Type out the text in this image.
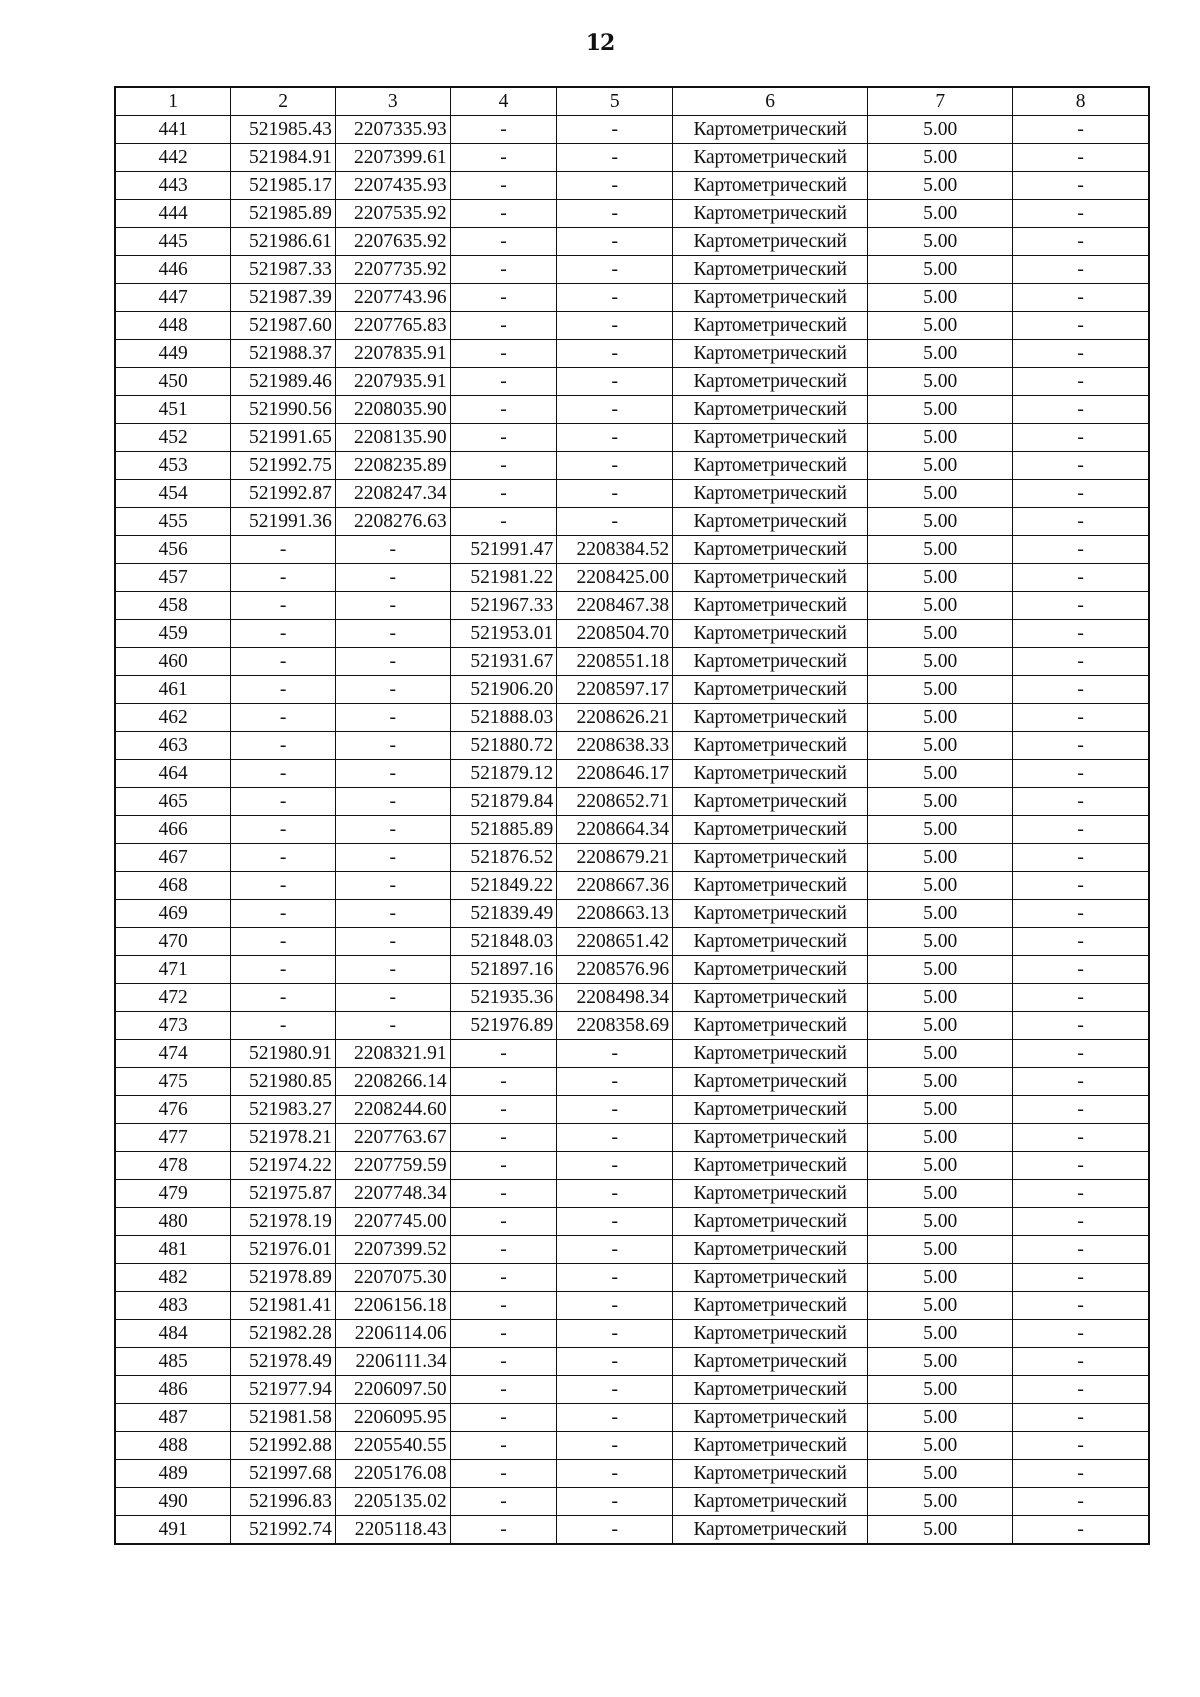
12
1	2	3	4	5	6	7	8
441	521985.43	2207335.93	-	-	Картометрический	5.00	-
442	521984.91	2207399.61	-	-	Картометрический	5.00	-
443	521985.17	2207435.93	-	-	Картометрический	5.00	-
444	521985.89	2207535.92	-	-	Картометрический	5.00	-
445	521986.61	2207635.92	-	-	Картометрический	5.00	-
446	521987.33	2207735.92	-	-	Картометрический	5.00	-
447	521987.39	2207743.96	-	-	Картометрический	5.00	-
448	521987.60	2207765.83	-	-	Картометрический	5.00	-
449	521988.37	2207835.91	-	-	Картометрический	5.00	-
450	521989.46	2207935.91	-	-	Картометрический	5.00	-
451	521990.56	2208035.90	-	-	Картометрический	5.00	-
452	521991.65	2208135.90	-	-	Картометрический	5.00	-
453	521992.75	2208235.89	-	-	Картометрический	5.00	-
454	521992.87	2208247.34	-	-	Картометрический	5.00	-
455	521991.36	2208276.63	-	-	Картометрический	5.00	-
456	-	-	521991.47	2208384.52	Картометрический	5.00	-
457	-	-	521981.22	2208425.00	Картометрический	5.00	-
458	-	-	521967.33	2208467.38	Картометрический	5.00	-
459	-	-	521953.01	2208504.70	Картометрический	5.00	-
460	-	-	521931.67	2208551.18	Картометрический	5.00	-
461	-	-	521906.20	2208597.17	Картометрический	5.00	-
462	-	-	521888.03	2208626.21	Картометрический	5.00	-
463	-	-	521880.72	2208638.33	Картометрический	5.00	-
464	-	-	521879.12	2208646.17	Картометрический	5.00	-
465	-	-	521879.84	2208652.71	Картометрический	5.00	-
466	-	-	521885.89	2208664.34	Картометрический	5.00	-
467	-	-	521876.52	2208679.21	Картометрический	5.00	-
468	-	-	521849.22	2208667.36	Картометрический	5.00	-
469	-	-	521839.49	2208663.13	Картометрический	5.00	-
470	-	-	521848.03	2208651.42	Картометрический	5.00	-
471	-	-	521897.16	2208576.96	Картометрический	5.00	-
472	-	-	521935.36	2208498.34	Картометрический	5.00	-
473	-	-	521976.89	2208358.69	Картометрический	5.00	-
474	521980.91	2208321.91	-	-	Картометрический	5.00	-
475	521980.85	2208266.14	-	-	Картометрический	5.00	-
476	521983.27	2208244.60	-	-	Картометрический	5.00	-
477	521978.21	2207763.67	-	-	Картометрический	5.00	-
478	521974.22	2207759.59	-	-	Картометрический	5.00	-
479	521975.87	2207748.34	-	-	Картометрический	5.00	-
480	521978.19	2207745.00	-	-	Картометрический	5.00	-
481	521976.01	2207399.52	-	-	Картометрический	5.00	-
482	521978.89	2207075.30	-	-	Картометрический	5.00	-
483	521981.41	2206156.18	-	-	Картометрический	5.00	-
484	521982.28	2206114.06	-	-	Картометрический	5.00	-
485	521978.49	2206111.34	-	-	Картометрический	5.00	-
486	521977.94	2206097.50	-	-	Картометрический	5.00	-
487	521981.58	2206095.95	-	-	Картометрический	5.00	-
488	521992.88	2205540.55	-	-	Картометрический	5.00	-
489	521997.68	2205176.08	-	-	Картометрический	5.00	-
490	521996.83	2205135.02	-	-	Картометрический	5.00	-
491	521992.74	2205118.43	-	-	Картометрический	5.00	-
